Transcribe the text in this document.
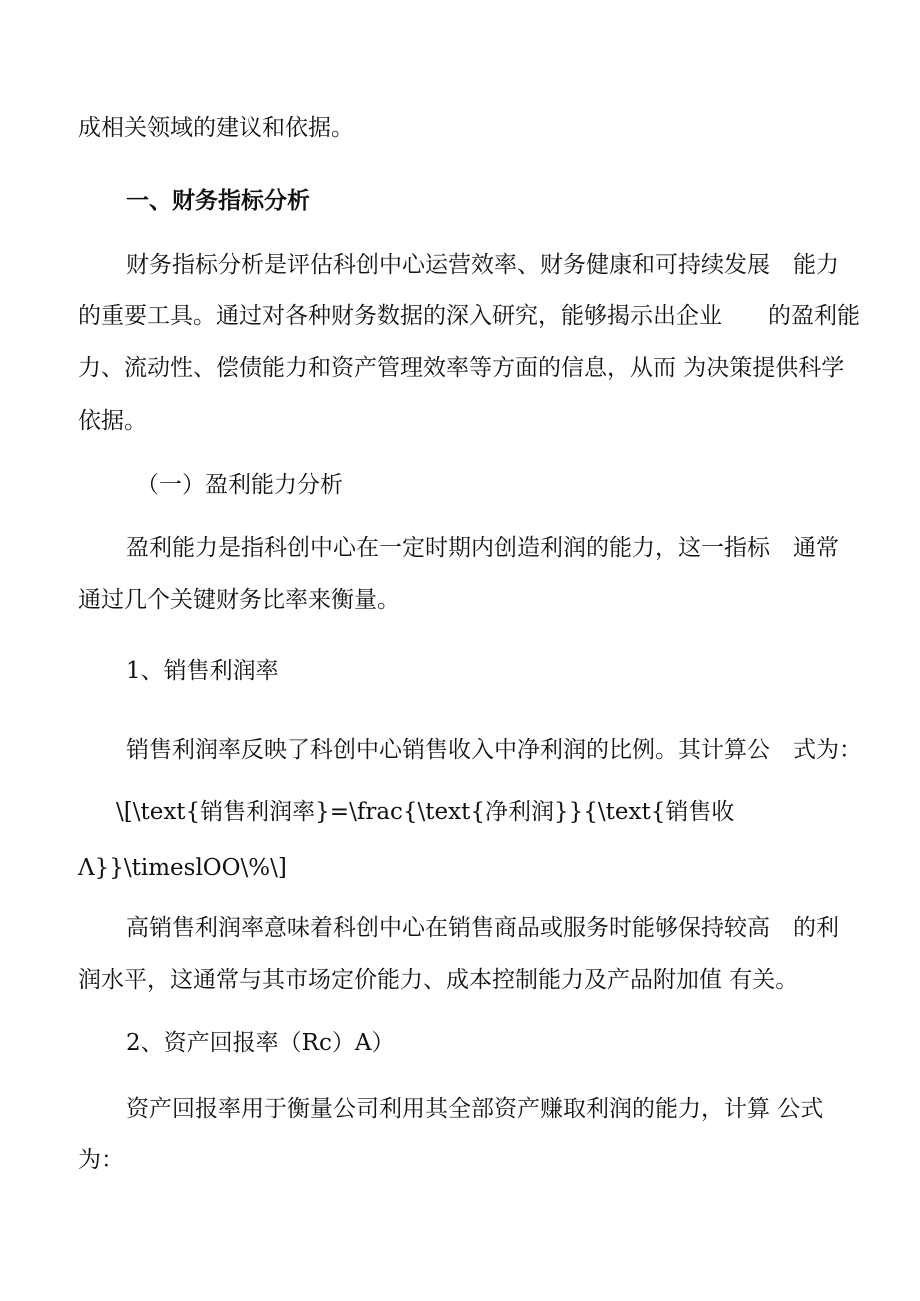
成相关领域的建议和依据。
一、财务指标分析
财务指标分析是评估科创中心运营效率、财务健康和可持续发展　能力
的重要工具。通过对各种财务数据的深入研究，能够揭示出企业　　的盈利能
力、流动性、偿债能力和资产管理效率等方面的信息，从而 为决策提供科学
依据。
（一）盈利能力分析
盈利能力是指科创中心在一定时期内创造利润的能力，这一指标　通常
通过几个关键财务比率来衡量。
1、销售利润率
销售利润率反映了科创中心销售收入中净利润的比例。其计算公　式为：
\[\text{销售利润率}=\frac{\text{净利润}}{\text{销售收
Λ}}\timeslOO\%\]
高销售利润率意味着科创中心在销售商品或服务时能够保持较高　的利
润水平，这通常与其市场定价能力、成本控制能力及产品附加值 有关。
2、资产回报率（Rc）A）
资产回报率用于衡量公司利用其全部资产赚取利润的能力，计算 公式
为：
